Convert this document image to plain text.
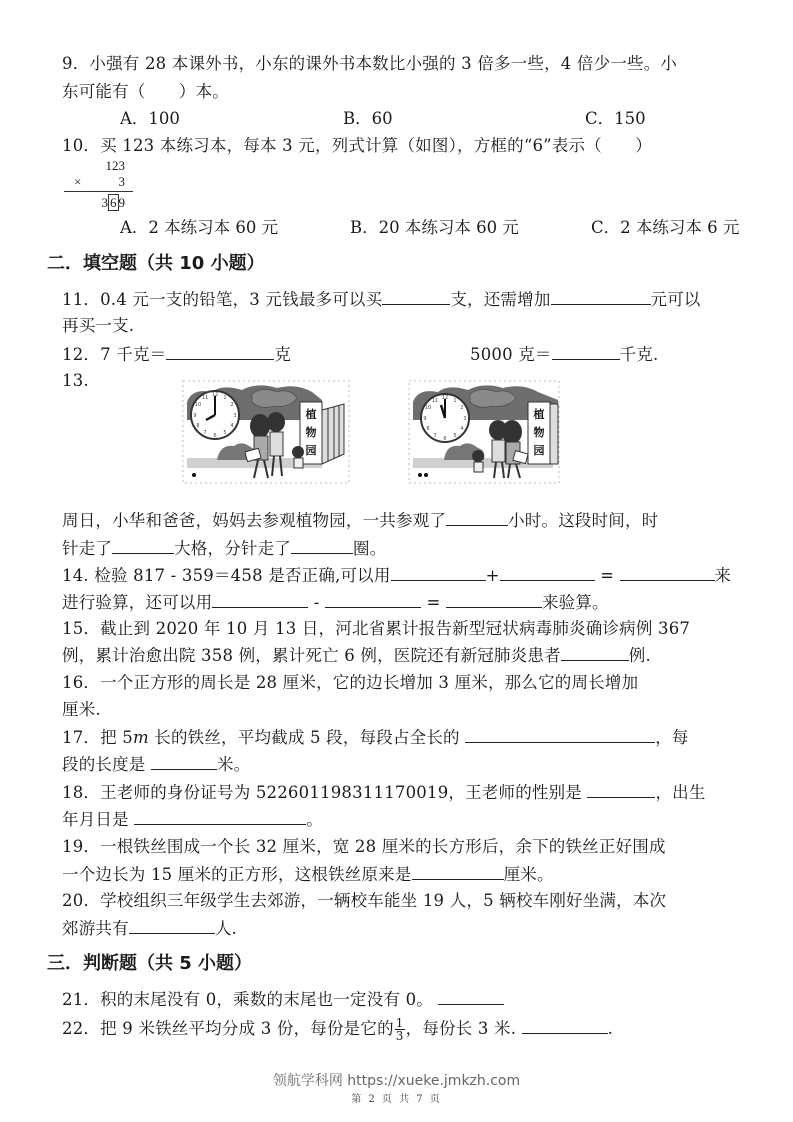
9．小强有 28 本课外书，小东的课外书本数比小强的 3 倍多一些，4 倍少一些。小
东可能有（　　）本。
A．100	B．60	C．150
10．买 123 本练习本，每本 3 元，列式计算（如图），方框的“6”表示（　　）
123
×	3
3 6 9
A．2 本练习本 60 元	B．20 本练习本 60 元	C．2 本练习本 6 元
二．填空题（共 10 小题）
11．0.4 元一支的铅笔，3 元钱最多可以买	支，还需增加	元可以
再买一支.
12．7 千克＝	克	5000 克＝	千克.
13.
12 1
2
3
4
5
6
7
8
9
10
11
植
物
园
12 1
2
3
4
5
6
7
8
9
10
11
植
物
园
周日，小华和爸爸，妈妈去参观植物园，一共参观了	小时。这段时间，时
针走了	大格，分针走了	圈。
14. 检验 817 - 359＝458 是否正确,可以用	+	=	来
进行验算，还可以用	-	=	来验算。
15．截止到 2020 年 10 月 13 日，河北省累计报告新型冠状病毒肺炎确诊病例 367
例，累计治愈出院 358 例，累计死亡 6 例，医院还有新冠肺炎患者	例.
16．一个正方形的周长是 28 厘米，它的边长增加 3 厘米，那么它的周长增加
厘米.
17．把 5m 长的铁丝，平均截成 5 段，每段占全长的	，每
段的长度是	米。
18．王老师的身份证号为 522601198311170019，王老师的性别是	，出生
年月日是	。
19．一根铁丝围成一个长 32 厘米，宽 28 厘米的长方形后，余下的铁丝正好围成
一个边长为 15 厘米的正方形，这根铁丝原来是	厘米。
20．学校组织三年级学生去郊游，一辆校车能坐 19 人，5 辆校车刚好坐满，本次
郊游共有	人.
三．判断题（共 5 小题）
21．积的末尾没有 0，乘数的末尾也一定没有 0。
22．把 9 米铁丝平均分成 3 份，每份是它的 $\frac{1}{3}$ ，每份长 3 米.	.
领航学科网 https://xueke.jmkzh.com
第 2 页 共 7 页
